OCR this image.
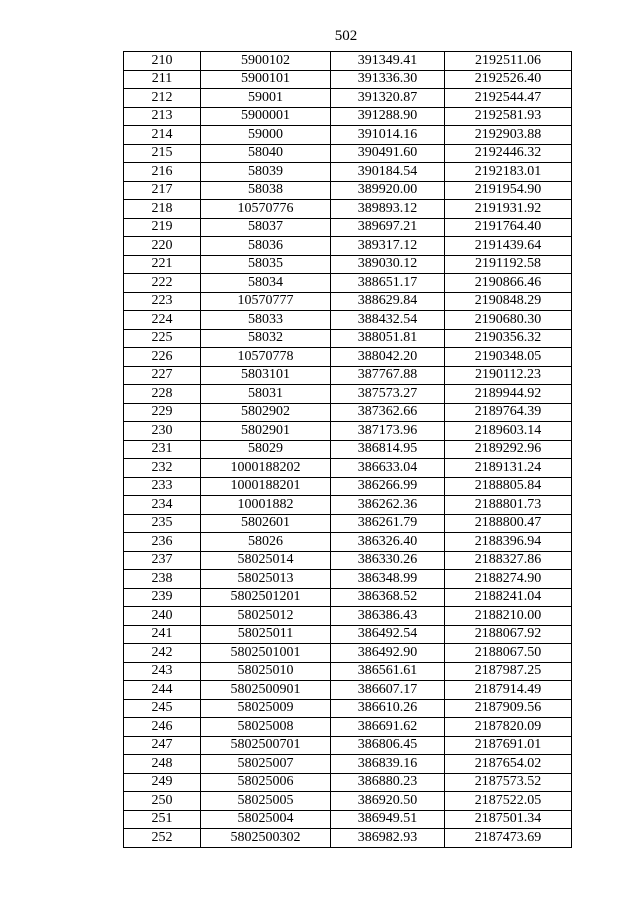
502
210	5900102	391349.41	2192511.06
211	5900101	391336.30	2192526.40
212	59001	391320.87	2192544.47
213	5900001	391288.90	2192581.93
214	59000	391014.16	2192903.88
215	58040	390491.60	2192446.32
216	58039	390184.54	2192183.01
217	58038	389920.00	2191954.90
218	10570776	389893.12	2191931.92
219	58037	389697.21	2191764.40
220	58036	389317.12	2191439.64
221	58035	389030.12	2191192.58
222	58034	388651.17	2190866.46
223	10570777	388629.84	2190848.29
224	58033	388432.54	2190680.30
225	58032	388051.81	2190356.32
226	10570778	388042.20	2190348.05
227	5803101	387767.88	2190112.23
228	58031	387573.27	2189944.92
229	5802902	387362.66	2189764.39
230	5802901	387173.96	2189603.14
231	58029	386814.95	2189292.96
232	1000188202	386633.04	2189131.24
233	1000188201	386266.99	2188805.84
234	10001882	386262.36	2188801.73
235	5802601	386261.79	2188800.47
236	58026	386326.40	2188396.94
237	58025014	386330.26	2188327.86
238	58025013	386348.99	2188274.90
239	5802501201	386368.52	2188241.04
240	58025012	386386.43	2188210.00
241	58025011	386492.54	2188067.92
242	5802501001	386492.90	2188067.50
243	58025010	386561.61	2187987.25
244	5802500901	386607.17	2187914.49
245	58025009	386610.26	2187909.56
246	58025008	386691.62	2187820.09
247	5802500701	386806.45	2187691.01
248	58025007	386839.16	2187654.02
249	58025006	386880.23	2187573.52
250	58025005	386920.50	2187522.05
251	58025004	386949.51	2187501.34
252	5802500302	386982.93	2187473.69
